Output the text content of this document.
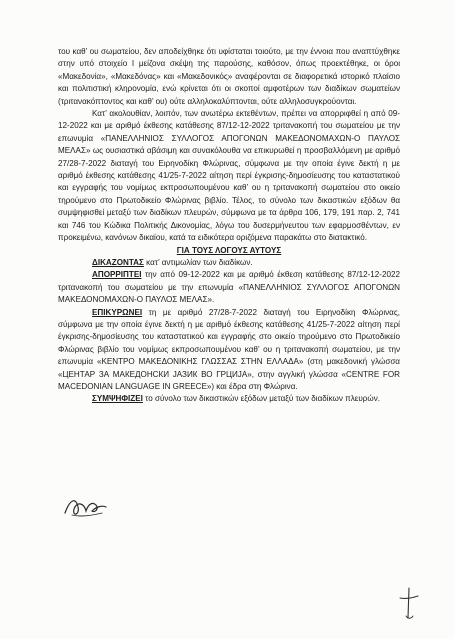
του καθ’ ου σωματείου, δεν αποδείχθηκε ότι υφίσταται τοιούτο, με την έννοια που αναπτύχθηκε στην υπό στοιχείο Ι μείζονα σκέψη της παρούσης, καθόσον, όπως προεκτέθηκε, οι όροι «Μακεδονία», «Μακεδόνας» και «Μακεδονικός» αναφέρονται σε διαφορετικά ιστορικό πλαίσιο και πολιτιστική κληρονομία, ενώ κρίνεται ότι οι σκοποί αμφοτέρων των διαδίκων σωματείων (τριτανακόπτοντος και καθ’ ου) ούτε αλληλοκαλύπτονται, ούτε αλληλοσυγκρούονται.

Κατ’ ακολουθίαν, λοιπόν, των ανωτέρω εκτεθέντων, πρέπει να απορριφθεί η από 09-12-2022 και με αριθμό έκθεσης κατάθεσης 87/12-12-2022 τριτανακοπή του σωματείου με την επωνυμία «ΠΑΝΕΛΛΗΝΙΟΣ ΣΥΛΛΟΓΟΣ ΑΠΟΓΟΝΩΝ ΜΑΚΕΔΟΝΟΜΑΧΩΝ-Ο ΠΑΥΛΟΣ ΜΕΛΑΣ» ως ουσιαστικά αβάσιμη και συνακόλουθα να επικυρωθεί η προσβαλλόμενη με αριθμό 27/28-7-2022 διαταγή του Ειρηνοδίκη Φλώρινας, σύμφωνα με την οποία έγινε δεκτή η με αριθμό έκθεσης κατάθεσης 41/25-7-2022 αίτηση περί έγκρισης-δημοσίευσης του καταστατικού και εγγραφής του νομίμως εκπροσωπουμένου καθ’ ου η τριτανακοπή σωματείου στο οικείο τηρούμενο στο Πρωτοδικείο Φλώρινας βιβλίο. Τέλος, το σύνολο των δικαστικών εξόδων θα συμψηφισθεί μεταξύ των διαδίκων πλευρών, σύμφωνα με τα άρθρα 106, 179, 191 παρ. 2, 741 και 746 του Κώδικα Πολιτικής Δικονομίας, λόγω του δυσερμήνευτου των εφαρμοσθέντων, εν προκειμένω, κανόνων δικαίου, κατά τα ειδικότερα οριζόμενα παρακάτω στο διατακτικό.

ΓΙΑ ΤΟΥΣ ΛΟΓΟΥΣ ΑΥΤΟΥΣ

ΔΙΚΑΖΟΝΤΑΣ κατ’ αντιμωλίαν των διαδίκων.

ΑΠΟΡΡΙΠΤΕΙ την από 09-12-2022 και με αριθμό έκθεση κατάθεσης 87/12-12-2022 τριτανακοπή του σωματείου με την επωνυμία «ΠΑΝΕΛΛΗΝΙΟΣ ΣΥΛΛΟΓΟΣ ΑΠΟΓΟΝΩΝ ΜΑΚΕΔΟΝΟΜΑΧΩΝ-Ο ΠΑΥΛΟΣ ΜΕΛΑΣ».

ΕΠΙΚΥΡΩΝΕΙ τη με αριθμό 27/28-7-2022 διαταγή του Ειρηνοδίκη Φλώρινας, σύμφωνα με την οποία έγινε δεκτή η με αριθμό έκθεσης κατάθεσης 41/25-7-2022 αίτηση περί έγκρισης-δημοσίευσης του καταστατικού και εγγραφής στο οικείο τηρούμενο στο Πρωτοδικείο Φλώρινας βιβλίο του νομίμως εκπροσωπουμένου καθ’ ου η τριτανακοπή σωματείου, με την επωνυμία «ΚΕΝΤΡΟ ΜΑΚΕΔΟΝΙΚΗΣ ΓΛΩΣΣΑΣ ΣΤΗΝ ΕΛΛΑΔΑ» (στη μακεδονική γλώσσα «ЦЕНТАР ЗА МАКЕДОНСКИ ЈАЗИК ВО ГРЦИЈА», στην αγγλική γλώσσα «CENTRE FOR MACEDONIAN LANGUAGE IN GREECE») και έδρα στη Φλώρινα.

ΣΥΜΨΗΦΙΖΕΙ το σύνολο των δικαστικών εξόδων μεταξύ των διαδίκων πλευρών.
